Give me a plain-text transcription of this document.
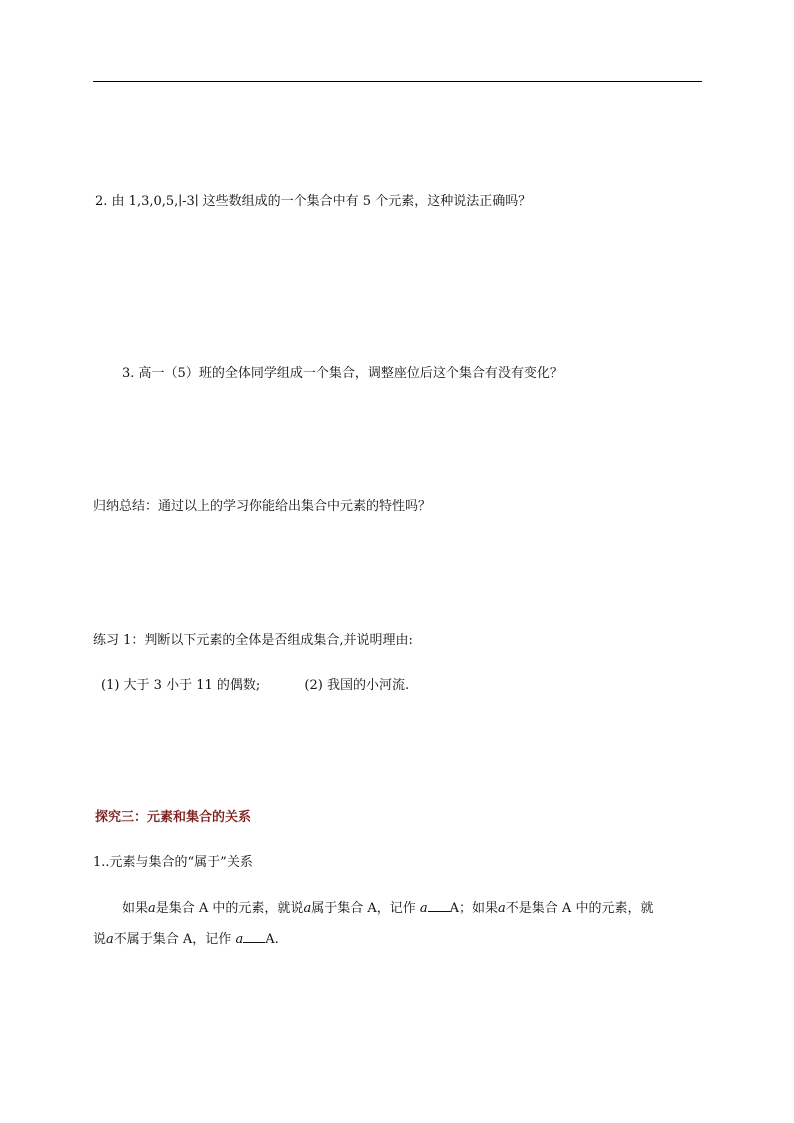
2. 由 1,3,0,5,∣-3∣ 这些数组成的一个集合中有 5 个元素，这种说法正确吗？
3. 高一（5）班的全体同学组成一个集合，调整座位后这个集合有没有变化？
归纳总结：通过以上的学习你能给出集合中元素的特性吗？
练习 1：判断以下元素的全体是否组成集合,并说明理由:
(1) 大于 3 小于 11 的偶数;	(2) 我国的小河流.
探究三：元素和集合的关系
1..元素与集合的“属于”关系
如果a是集合 A 中的元素，就说a属于集合 A，记作 a A；如果a不是集合 A 中的元素，就
说a不属于集合 A，记作 a A.
